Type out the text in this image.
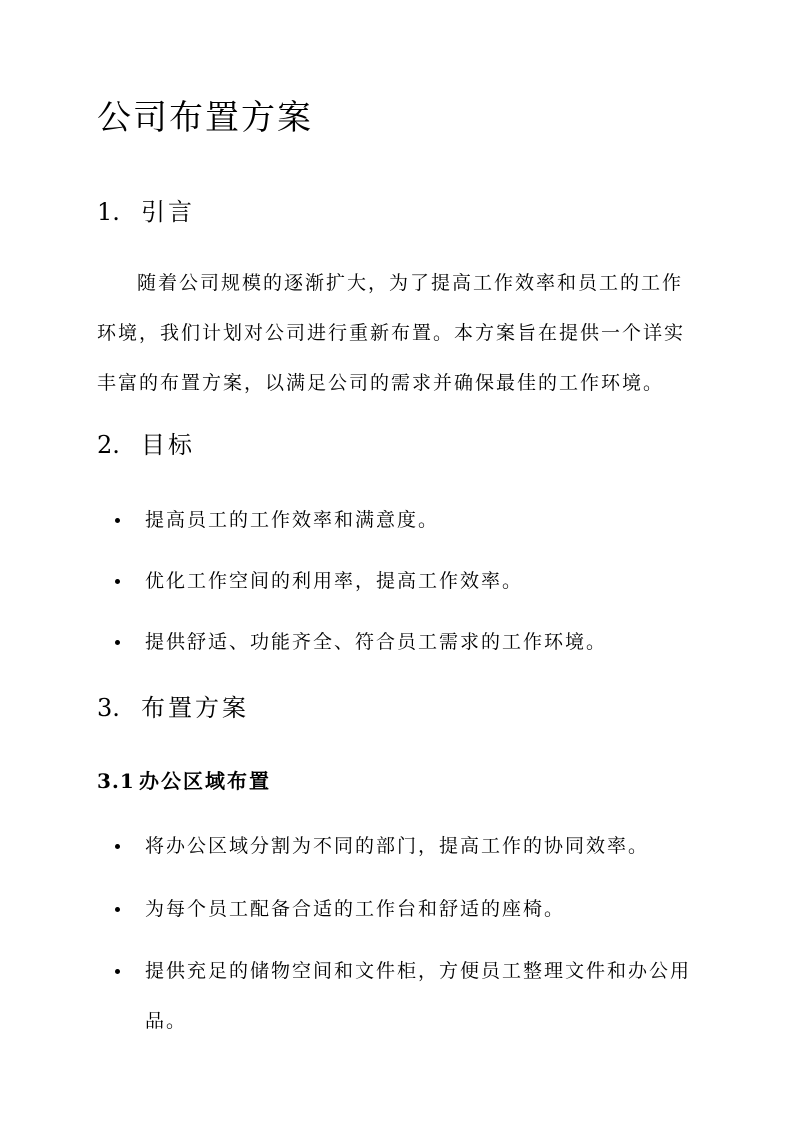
公司布置方案
1. 引言
随着公司规模的逐渐扩大，为了提高工作效率和员工的工作环境，我们计划对公司进行重新布置。本方案旨在提供一个详实丰富的布置方案，以满足公司的需求并确保最佳的工作环境。
2. 目标
提高员工的工作效率和满意度。
优化工作空间的利用率，提高工作效率。
提供舒适、功能齐全、符合员工需求的工作环境。
3. 布置方案
3.1 办公区域布置
将办公区域分割为不同的部门，提高工作的协同效率。
为每个员工配备合适的工作台和舒适的座椅。
提供充足的储物空间和文件柜，方便员工整理文件和办公用品。
